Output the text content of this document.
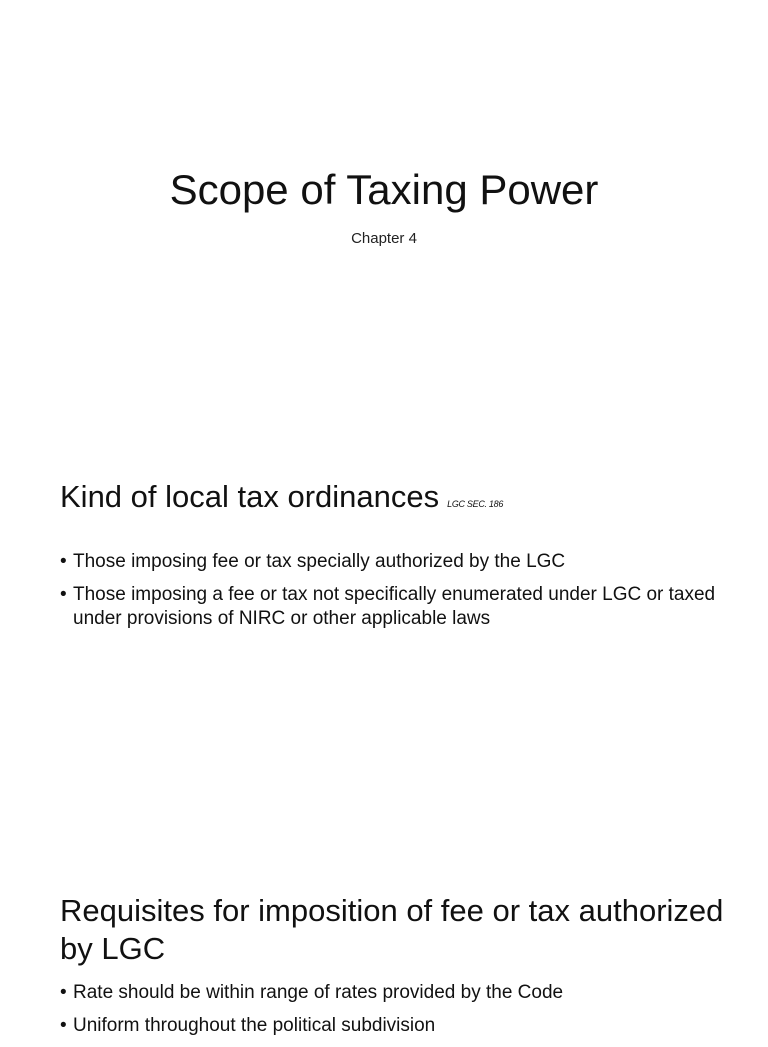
Scope of Taxing Power

Chapter 4

Kind of local tax ordinances LGC SEC. 186
• Those imposing fee or tax specially authorized by the LGC
• Those imposing a fee or tax not specifically enumerated under LGC or taxed under provisions of NIRC or other applicable laws
Requisites for imposition of fee or tax authorized by LGC
• Rate should be within range of rates provided by the Code
• Uniform throughout the political subdivision
